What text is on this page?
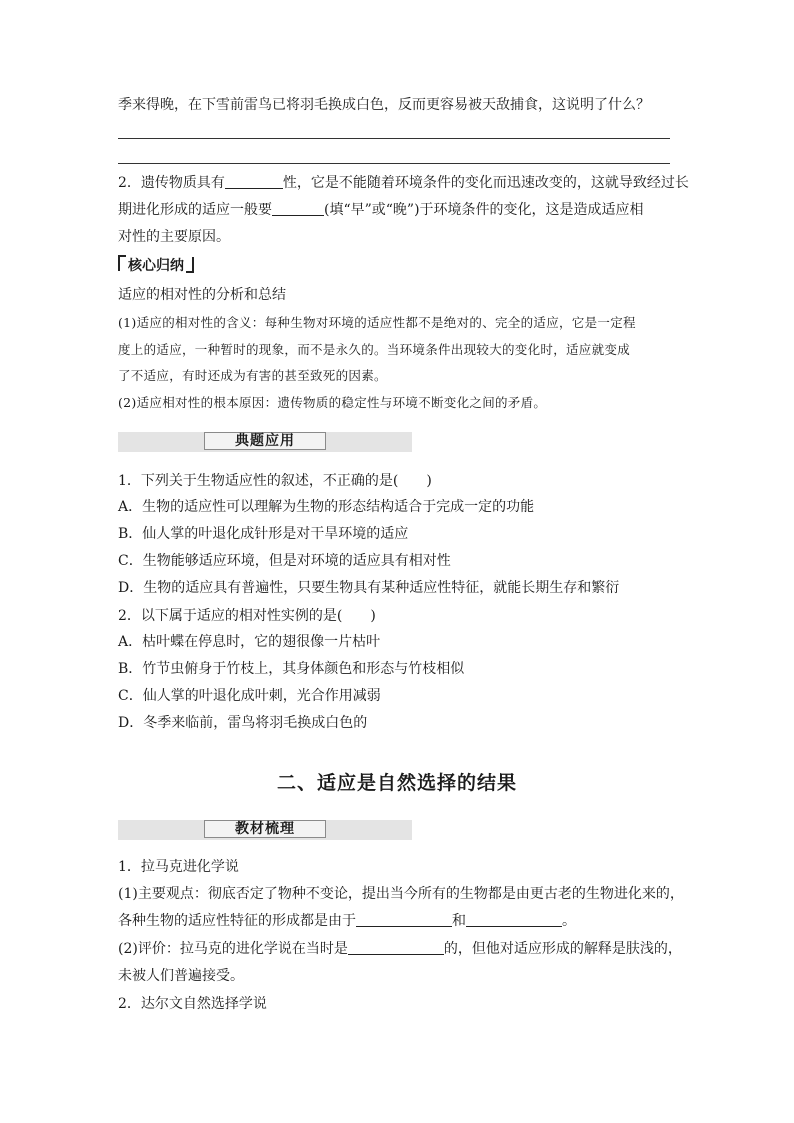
季来得晚，在下雪前雷鸟已将羽毛换成白色，反而更容易被天敌捕食，这说明了什么？
2．遗传物质具有	性，它是不能随着环境条件的变化而迅速改变的，这就导致经过长
期进化形成的适应一般要	(填“早”或“晚”)于环境条件的变化，这是造成适应相
对性的主要原因。
核心归纳
适应的相对性的分析和总结
(1)适应的相对性的含义：每种生物对环境的适应性都不是绝对的、完全的适应，它是一定程
度上的适应，一种暂时的现象，而不是永久的。当环境条件出现较大的变化时，适应就变成
了不适应，有时还成为有害的甚至致死的因素。
(2)适应相对性的根本原因：遗传物质的稳定性与环境不断变化之间的矛盾。
典题应用
1．下列关于生物适应性的叙述，不正确的是(　　)
A．生物的适应性可以理解为生物的形态结构适合于完成一定的功能
B．仙人掌的叶退化成针形是对干旱环境的适应
C．生物能够适应环境，但是对环境的适应具有相对性
D．生物的适应具有普遍性，只要生物具有某种适应性特征，就能长期生存和繁衍
2．以下属于适应的相对性实例的是(　　)
A．枯叶蝶在停息时，它的翅很像一片枯叶
B．竹节虫俯身于竹枝上，其身体颜色和形态与竹枝相似
C．仙人掌的叶退化成叶刺，光合作用减弱
D．冬季来临前，雷鸟将羽毛换成白色的
二、适应是自然选择的结果
教材梳理
1．拉马克进化学说
(1)主要观点：彻底否定了物种不变论，提出当今所有的生物都是由更古老的生物进化来的，
各种生物的适应性特征的形成都是由于	和	。
(2)评价：拉马克的进化学说在当时是	的，但他对适应形成的解释是肤浅的，
未被人们普遍接受。
2．达尔文自然选择学说
